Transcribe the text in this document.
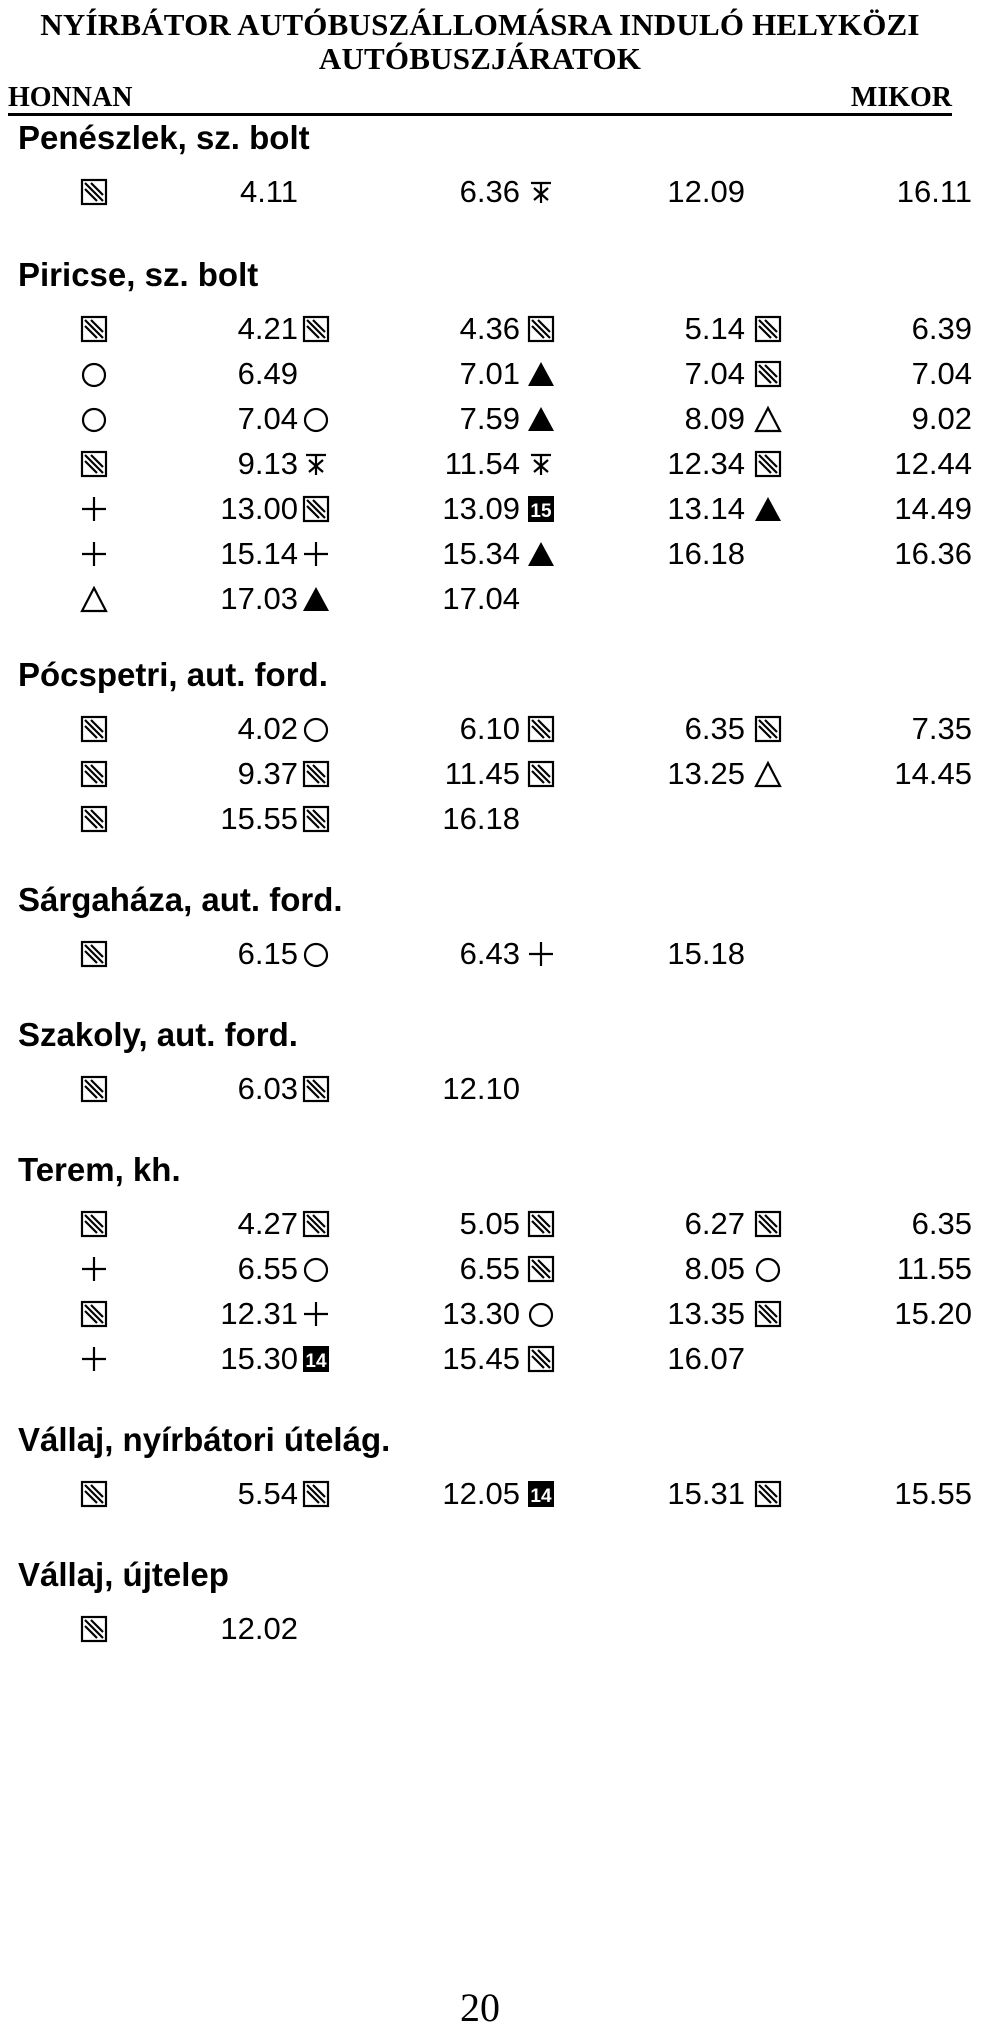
NYÍRBÁTOR AUTÓBUSZÁLLOMÁSRA INDULÓ HELYKÖZI
AUTÓBUSZJÁRATOK
HONNAN	MIKOR
Penészlek, sz. bolt
4.11	6.36	12.09	16.11
Piricse, sz. bolt
4.21	4.36	5.14	6.39
6.49	7.01	7.04	7.04
7.04	7.59	8.09	9.02
9.13	11.54	12.34	12.44
13.00	13.09 15	13.14	14.49
15.14	15.34	16.18	16.36
17.03	17.04
Pócspetri, aut. ford.
4.02	6.10	6.35	7.35
9.37	11.45	13.25	14.45
15.55	16.18
Sárgaháza, aut. ford.
6.15	6.43	15.18
Szakoly, aut. ford.
6.03	12.10
Terem, kh.
4.27	5.05	6.27	6.35
6.55	6.55	8.05	11.55
12.31	13.30	13.35	15.20
15.30 14	15.45	16.07
Vállaj, nyírbátori útelág.
5.54	12.05 14	15.31	15.55
Vállaj, újtelep
12.02
20
